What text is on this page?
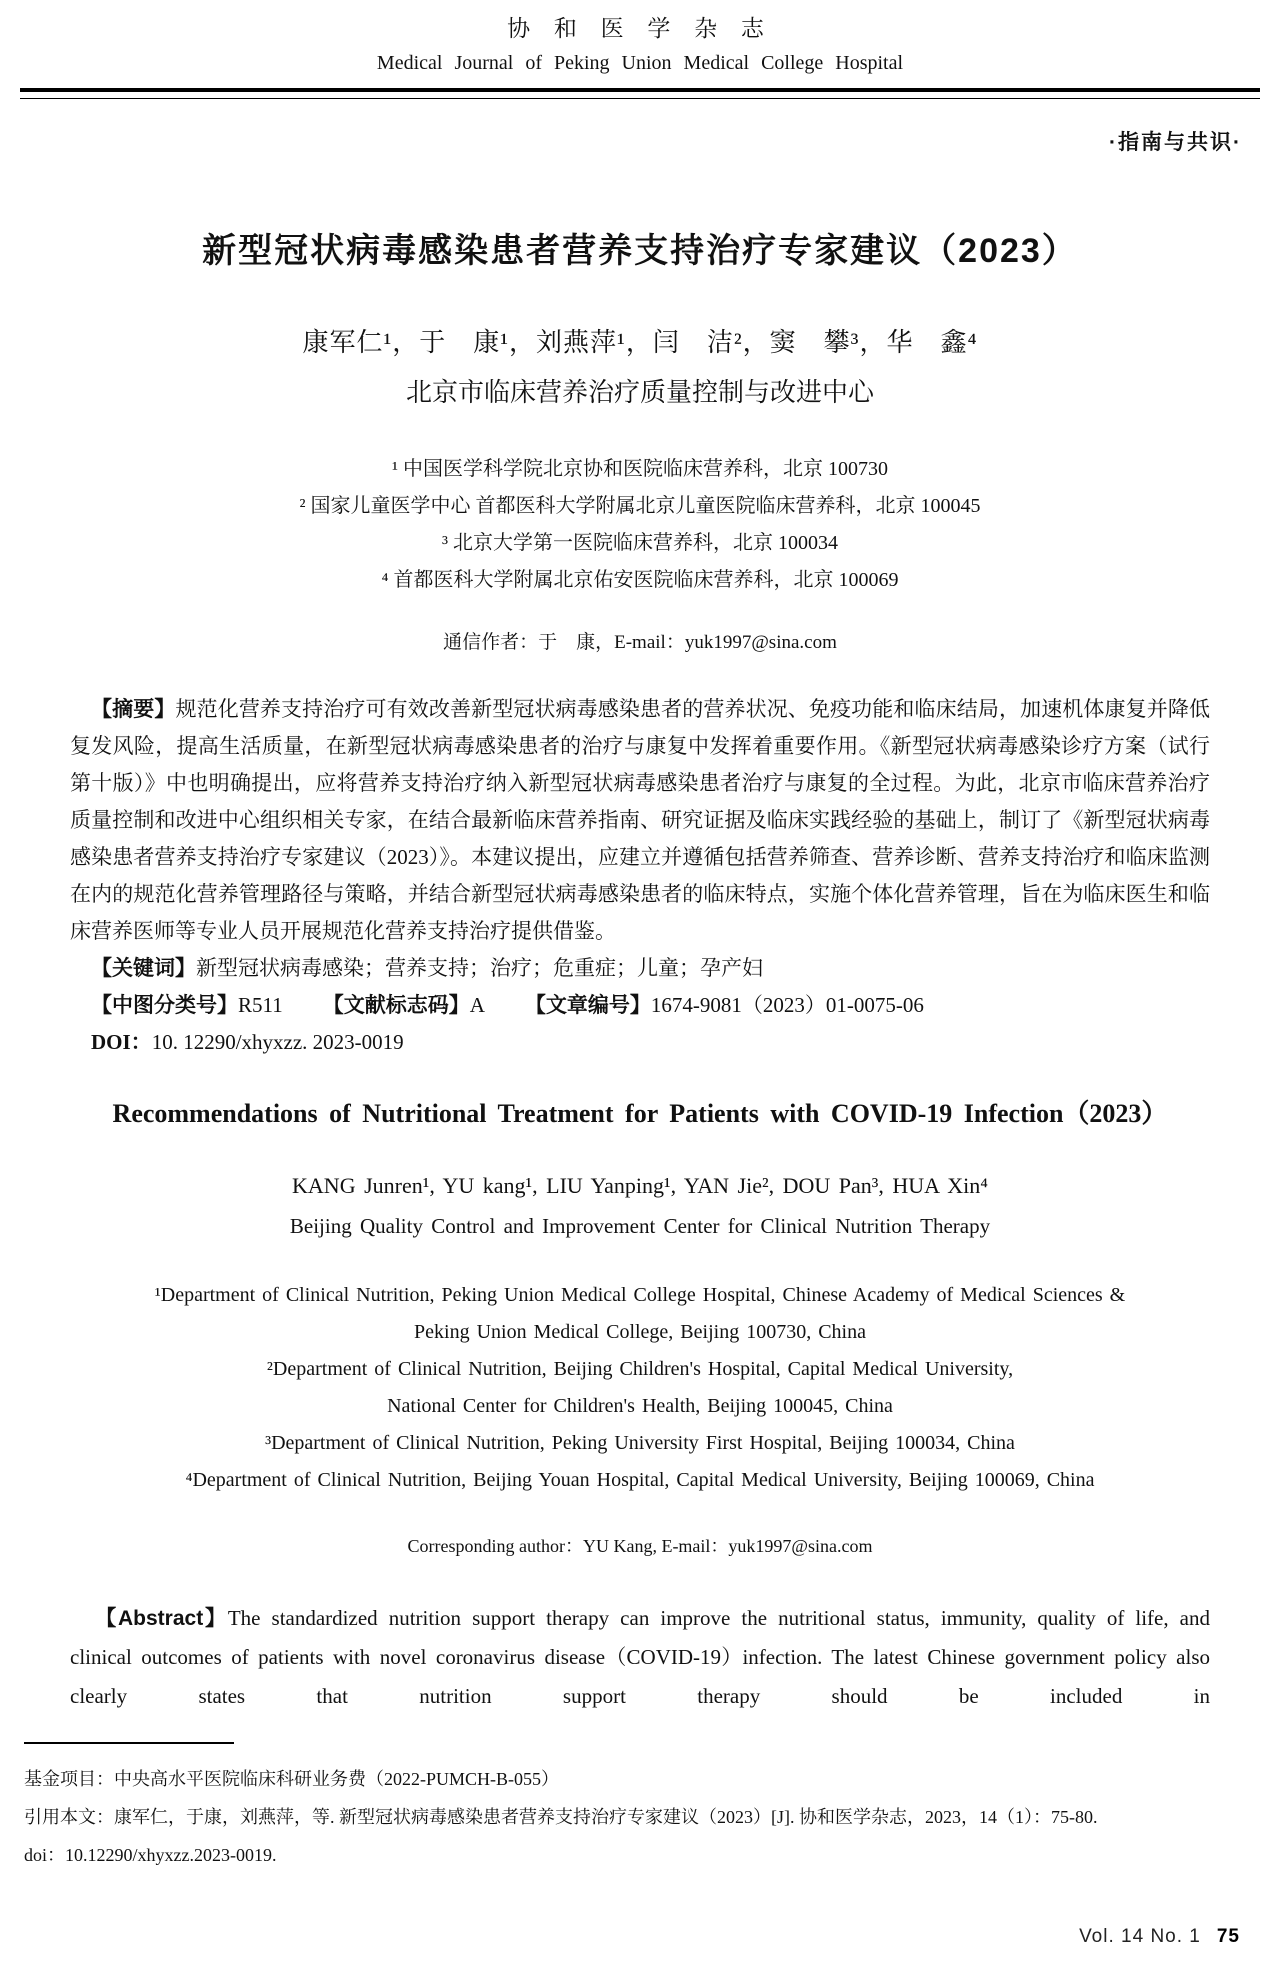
协 和 医 学 杂 志
Medical Journal of Peking Union Medical College Hospital
·指南与共识·
新型冠状病毒感染患者营养支持治疗专家建议（2023）
康军仁¹，于　康¹，刘燕萍¹，闫　洁²，窦　攀³，华　鑫⁴
北京市临床营养治疗质量控制与改进中心
¹ 中国医学科学院北京协和医院临床营养科，北京 100730
² 国家儿童医学中心 首都医科大学附属北京儿童医院临床营养科，北京 100045
³ 北京大学第一医院临床营养科，北京 100034
⁴ 首都医科大学附属北京佑安医院临床营养科，北京 100069
通信作者：于　康，E-mail：yuk1997@sina.com
【摘要】规范化营养支持治疗可有效改善新型冠状病毒感染患者的营养状况、免疫功能和临床结局，加速机体康复并降低复发风险，提高生活质量，在新型冠状病毒感染患者的治疗与康复中发挥着重要作用。《新型冠状病毒感染诊疗方案（试行第十版）》中也明确提出，应将营养支持治疗纳入新型冠状病毒感染患者治疗与康复的全过程。为此，北京市临床营养治疗质量控制和改进中心组织相关专家，在结合最新临床营养指南、研究证据及临床实践经验的基础上，制订了《新型冠状病毒感染患者营养支持治疗专家建议（2023）》。本建议提出，应建立并遵循包括营养筛查、营养诊断、营养支持治疗和临床监测在内的规范化营养管理路径与策略，并结合新型冠状病毒感染患者的临床特点，实施个体化营养管理，旨在为临床医生和临床营养医师等专业人员开展规范化营养支持治疗提供借鉴。
【关键词】新型冠状病毒感染；营养支持；治疗；危重症；儿童；孕产妇
【中图分类号】R511 【文献标志码】A 【文章编号】1674-9081（2023）01-0075-06
DOI：10. 12290/xhyxzz. 2023-0019
Recommendations of Nutritional Treatment for Patients with COVID-19 Infection（2023）
KANG Junren¹, YU kang¹, LIU Yanping¹, YAN Jie², DOU Pan³, HUA Xin⁴
Beijing Quality Control and Improvement Center for Clinical Nutrition Therapy
¹Department of Clinical Nutrition, Peking Union Medical College Hospital, Chinese Academy of Medical Sciences &
Peking Union Medical College, Beijing 100730, China
²Department of Clinical Nutrition, Beijing Children's Hospital, Capital Medical University,
National Center for Children's Health, Beijing 100045, China
³Department of Clinical Nutrition, Peking University First Hospital, Beijing 100034, China
⁴Department of Clinical Nutrition, Beijing Youan Hospital, Capital Medical University, Beijing 100069, China
Corresponding author：YU Kang, E-mail：yuk1997@sina.com
【Abstract】The standardized nutrition support therapy can improve the nutritional status, immunity, quality of life, and clinical outcomes of patients with novel coronavirus disease（COVID-19）infection. The latest Chinese government policy also clearly states that nutrition support therapy should be included in
基金项目：中央高水平医院临床科研业务费（2022-PUMCH-B-055）
引用本文：康军仁，于康，刘燕萍，等. 新型冠状病毒感染患者营养支持治疗专家建议（2023）[J]. 协和医学杂志，2023，14（1）：75-80.
doi：10.12290/xhyxzz.2023-0019.
Vol. 14 No. 1 75
